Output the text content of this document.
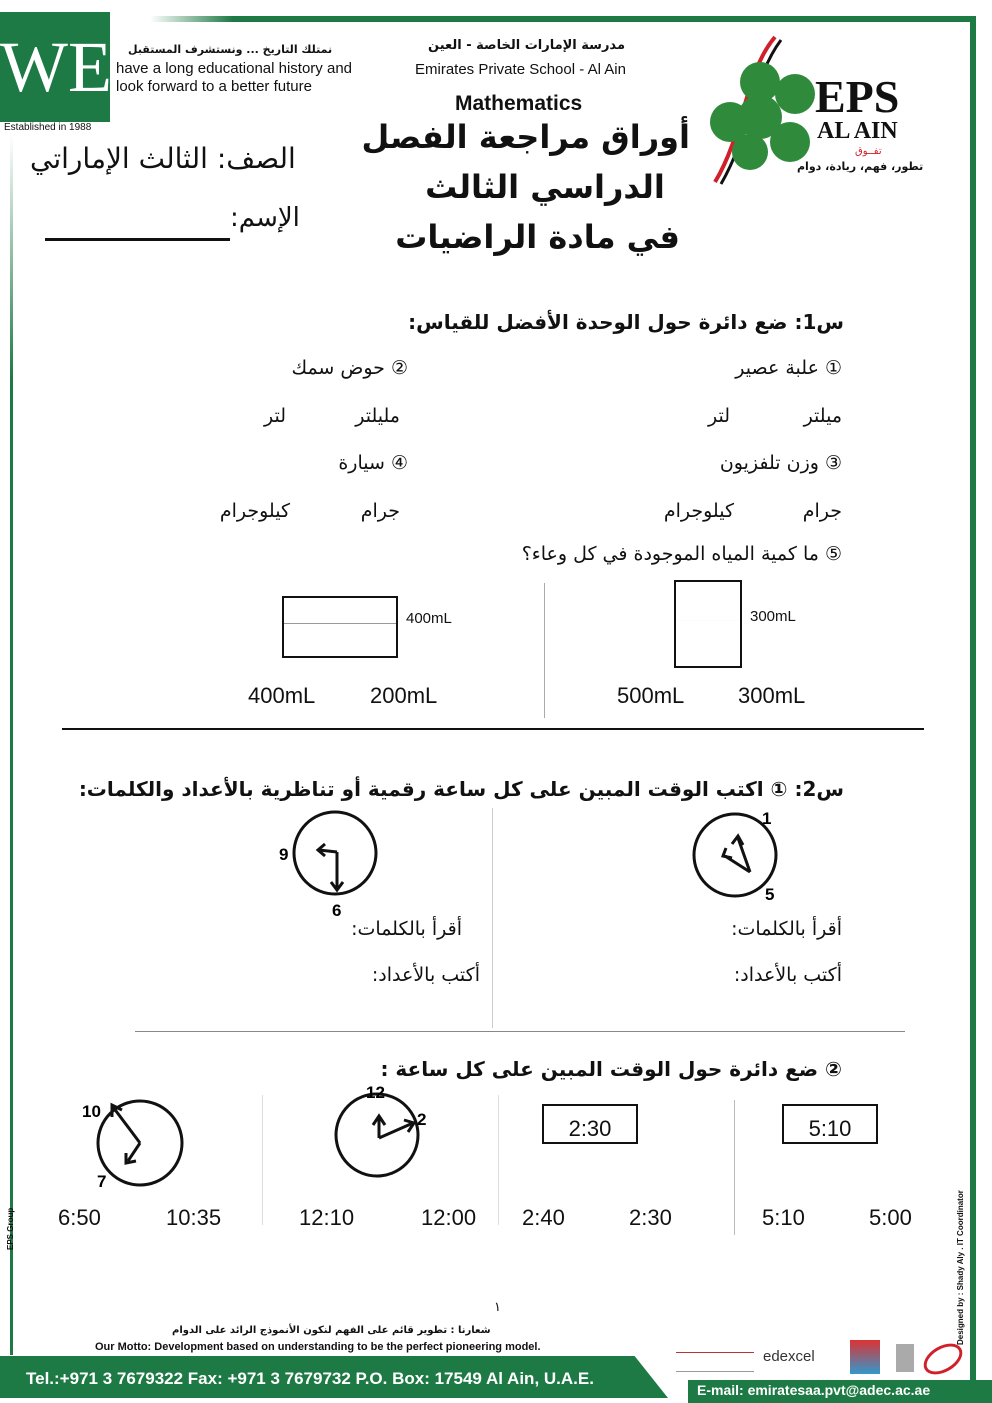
WE
Established in 1988
نمتلك التاريخ ... ونستشرف المستقبل
have a long educational history and
look forward to a better future
مدرسة الإمارات الخاصة - العين
Emirates Private School - Al Ain
Mathematics
أوراق مراجعة الفصل
الدراسي الثالث
في مادة الراضيات
EPS
AL AIN
تفــوق
تطور، فهم، ريادة، دوام
الصف: الثالث الإماراتي
الإسم:
س1: ضع دائرة حول الوحدة الأفضل للقياس:
① علبة عصير
② حوض سمك
ميلتر
لتر
مليلتر
لتر
③ وزن تلفزيون
④ سيارة
جرام
كيلوجرام
جرام
كيلوجرام
⑤ ما كمية المياه الموجودة في كل وعاء؟
300mL
400mL
300mL
500mL
200mL
400mL
س2: ① اكتب الوقت المبين على كل ساعة رقمية أو تناظرية بالأعداد والكلمات:
1
5
9
6
أقرأ بالكلمات:
أقرأ بالكلمات:
أكتب بالأعداد:
أكتب بالأعداد:
② ضع دائرة حول الوقت المبين على كل ساعة :
5:10
2:30
12
2
10
7
5:00
5:10
2:30
2:40
12:00
12:10
10:35
6:50
EPS Group	Designed by : Shady Aly . IT Coordinator
١
شعارنا : تطوير قائم على الفهم لنكون الأنموذج الرائد على الدوام
Our Motto: Development based on understanding to be the perfect pioneering model.
Tel.:+971 3 7679322 Fax: +971 3 7679732 P.O. Box: 17549 Al Ain, U.A.E.
E-mail: emiratesaa.pvt@adec.ac.ae
edexcel
